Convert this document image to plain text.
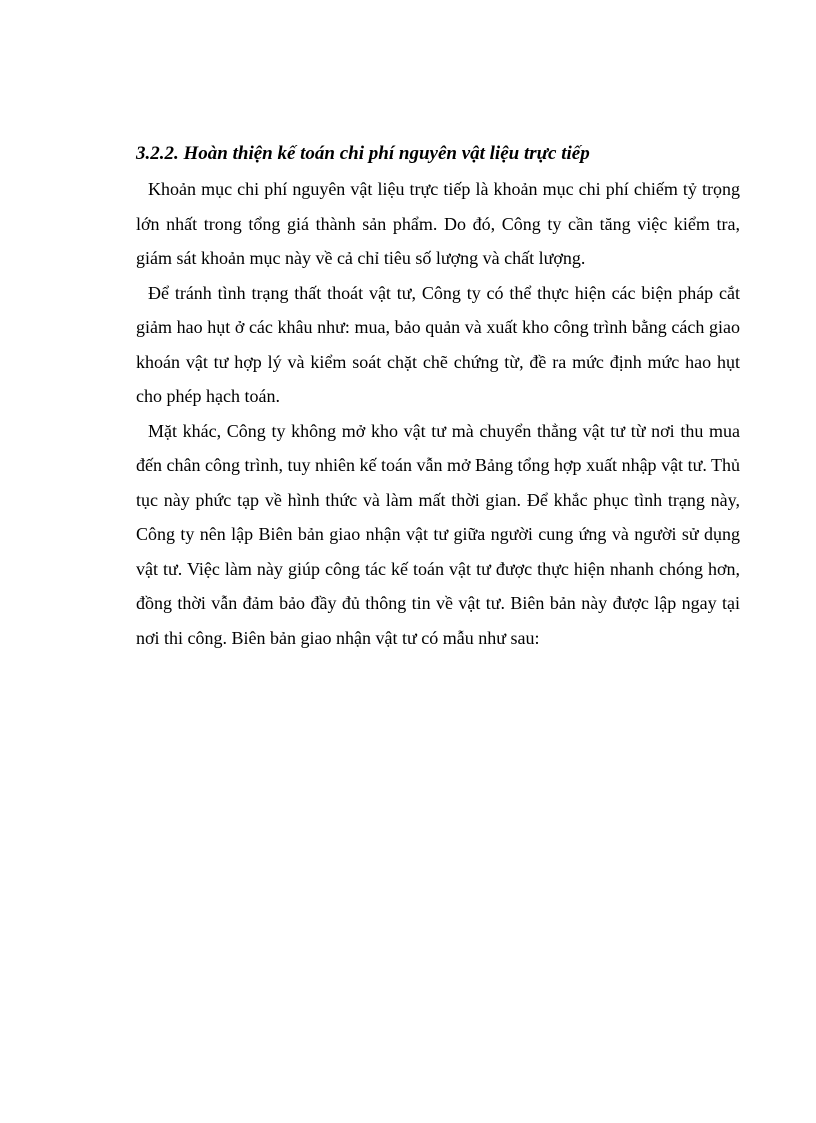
3.2.2. Hoàn thiện kế toán chi phí nguyên vật liệu trực tiếp

Khoản mục chi phí nguyên vật liệu trực tiếp là khoản mục chi phí chiếm tỷ trọng lớn nhất trong tổng giá thành sản phẩm. Do đó, Công ty cần tăng việc kiểm tra, giám sát khoản mục này về cả chỉ tiêu số lượng và chất lượng.

Để tránh tình trạng thất thoát vật tư, Công ty có thể thực hiện các biện pháp cắt giảm hao hụt ở các khâu như: mua, bảo quản và xuất kho công trình bằng cách giao khoán vật tư hợp lý và kiểm soát chặt chẽ chứng từ, đề ra mức định mức hao hụt cho phép hạch toán.

Mặt khác, Công ty không mở kho vật tư mà chuyển thẳng vật tư từ nơi thu mua đến chân công trình, tuy nhiên kế toán vẫn mở Bảng tổng hợp xuất nhập vật tư. Thủ tục này phức tạp về hình thức và làm mất thời gian. Để khắc phục tình trạng này, Công ty nên lập Biên bản giao nhận vật tư giữa người cung ứng và người sử dụng vật tư. Việc làm này giúp công tác kế toán vật tư được thực hiện nhanh chóng hơn, đồng thời vẫn đảm bảo đầy đủ thông tin về vật tư. Biên bản này được lập ngay tại nơi thi công. Biên bản giao nhận vật tư có mẫu như sau:
